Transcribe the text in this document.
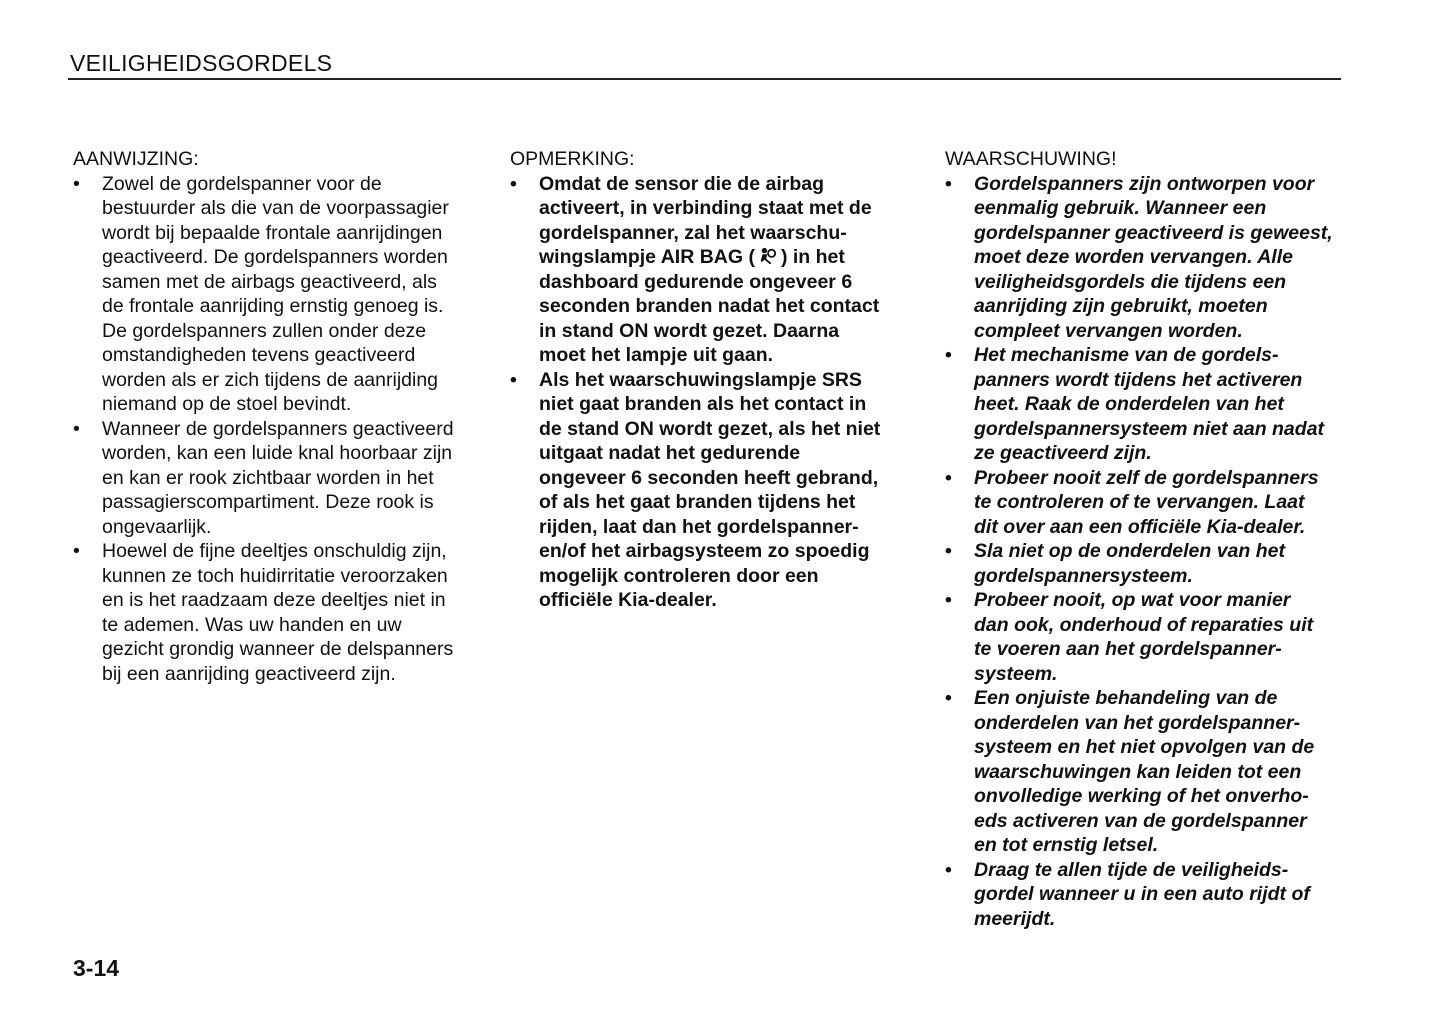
VEILIGHEIDSGORDELS
AANWIJZING:
• Zowel de gordelspanner voor de
bestuurder als die van de voorpassagier
wordt bij bepaalde frontale aanrijdingen
geactiveerd. De gordelspanners worden
samen met de airbags geactiveerd, als
de frontale aanrijding ernstig genoeg is.
De gordelspanners zullen onder deze
omstandigheden tevens geactiveerd
worden als er zich tijdens de aanrijding
niemand op de stoel bevindt.
• Wanneer de gordelspanners geactiveerd
worden, kan een luide knal hoorbaar zijn
en kan er rook zichtbaar worden in het
passagierscompartiment. Deze rook is
ongevaarlijk.
• Hoewel de fijne deeltjes onschuldig zijn,
kunnen ze toch huidirritatie veroorzaken
en is het raadzaam deze deeltjes niet in
te ademen. Was uw handen en uw
gezicht grondig wanneer de delspanners
bij een aanrijding geactiveerd zijn.
OPMERKING:
• Omdat de sensor die de airbag
activeert, in verbinding staat met de
gordelspanner, zal het waarschu-
wingslampje AIR BAG ( ) in het
dashboard gedurende ongeveer 6
seconden branden nadat het contact
in stand ON wordt gezet. Daarna
moet het lampje uit gaan.
• Als het waarschuwingslampje SRS
niet gaat branden als het contact in
de stand ON wordt gezet, als het niet
uitgaat nadat het gedurende
ongeveer 6 seconden heeft gebrand,
of als het gaat branden tijdens het
rijden, laat dan het gordelspanner-
en/of het airbagsysteem zo spoedig
mogelijk controleren door een
officiële Kia-dealer.
WAARSCHUWING!
• Gordelspanners zijn ontworpen voor
eenmalig gebruik. Wanneer een
gordelspanner geactiveerd is geweest,
moet deze worden vervangen. Alle
veiligheidsgordels die tijdens een
aanrijding zijn gebruikt, moeten
compleet vervangen worden.
• Het mechanisme van de gordels-
panners wordt tijdens het activeren
heet. Raak de onderdelen van het
gordelspannersysteem niet aan nadat
ze geactiveerd zijn.
• Probeer nooit zelf de gordelspanners
te controleren of te vervangen. Laat
dit over aan een officiële Kia-dealer.
• Sla niet op de onderdelen van het
gordelspannersysteem.
• Probeer nooit, op wat voor manier
dan ook, onderhoud of reparaties uit
te voeren aan het gordelspanner-
systeem.
• Een onjuiste behandeling van de
onderdelen van het gordelspanner-
systeem en het niet opvolgen van de
waarschuwingen kan leiden tot een
onvolledige werking of het onverho-
eds activeren van de gordelspanner
en tot ernstig letsel.
• Draag te allen tijde de veiligheids-
gordel wanneer u in een auto rijdt of
meerijdt.
3-14
